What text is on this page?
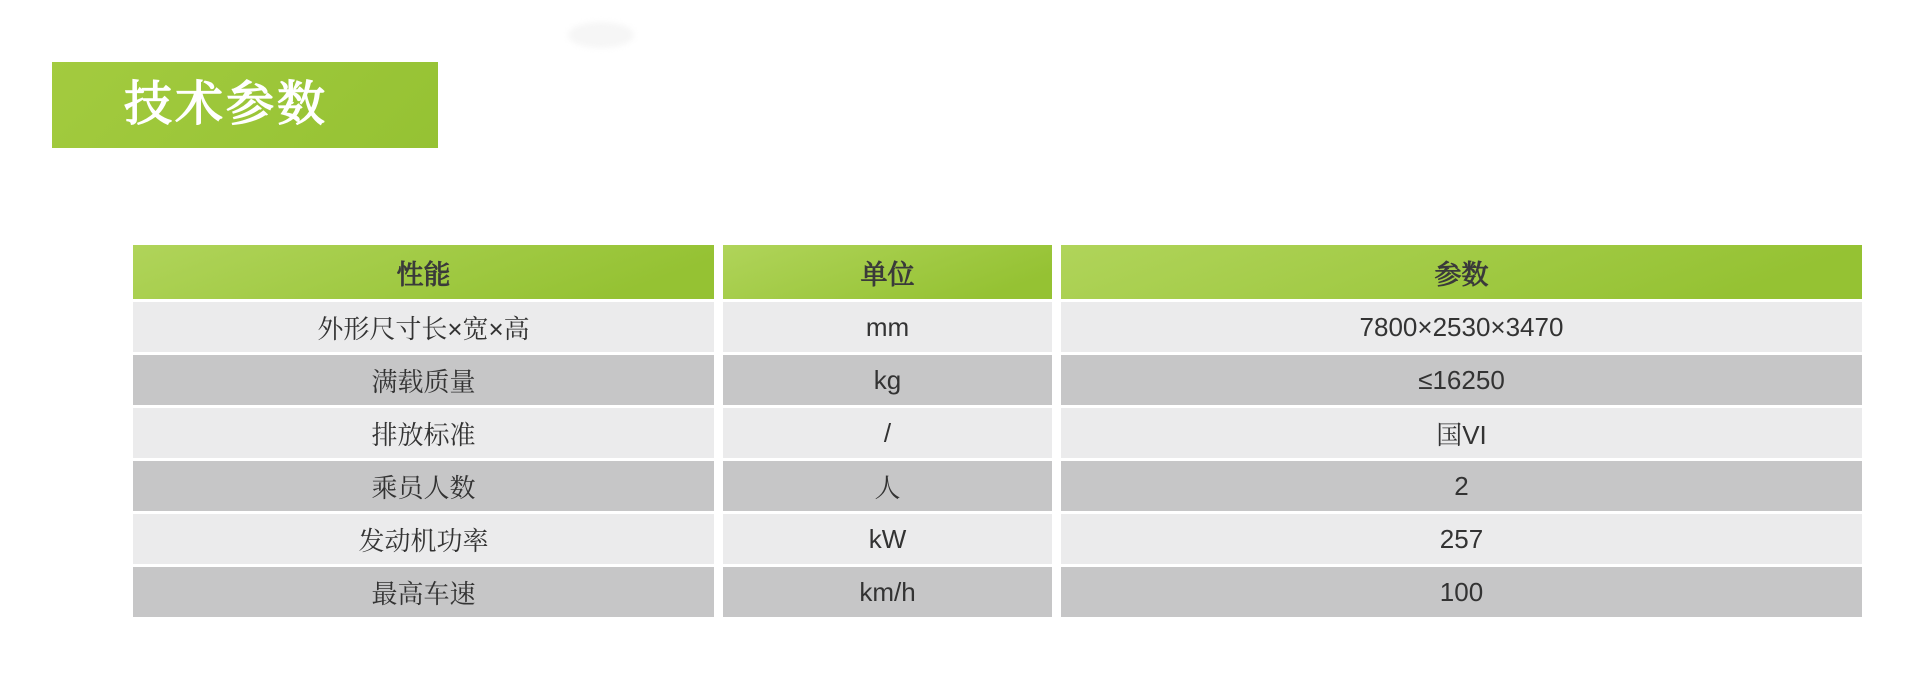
技术参数
性能	单位	参数
外形尺寸长×宽×高	mm	7800×2530×3470
满载质量	kg	≤16250
排放标准	/	国VI
乘员人数	人	2
发动机功率	kW	257
最高车速	km/h	100
